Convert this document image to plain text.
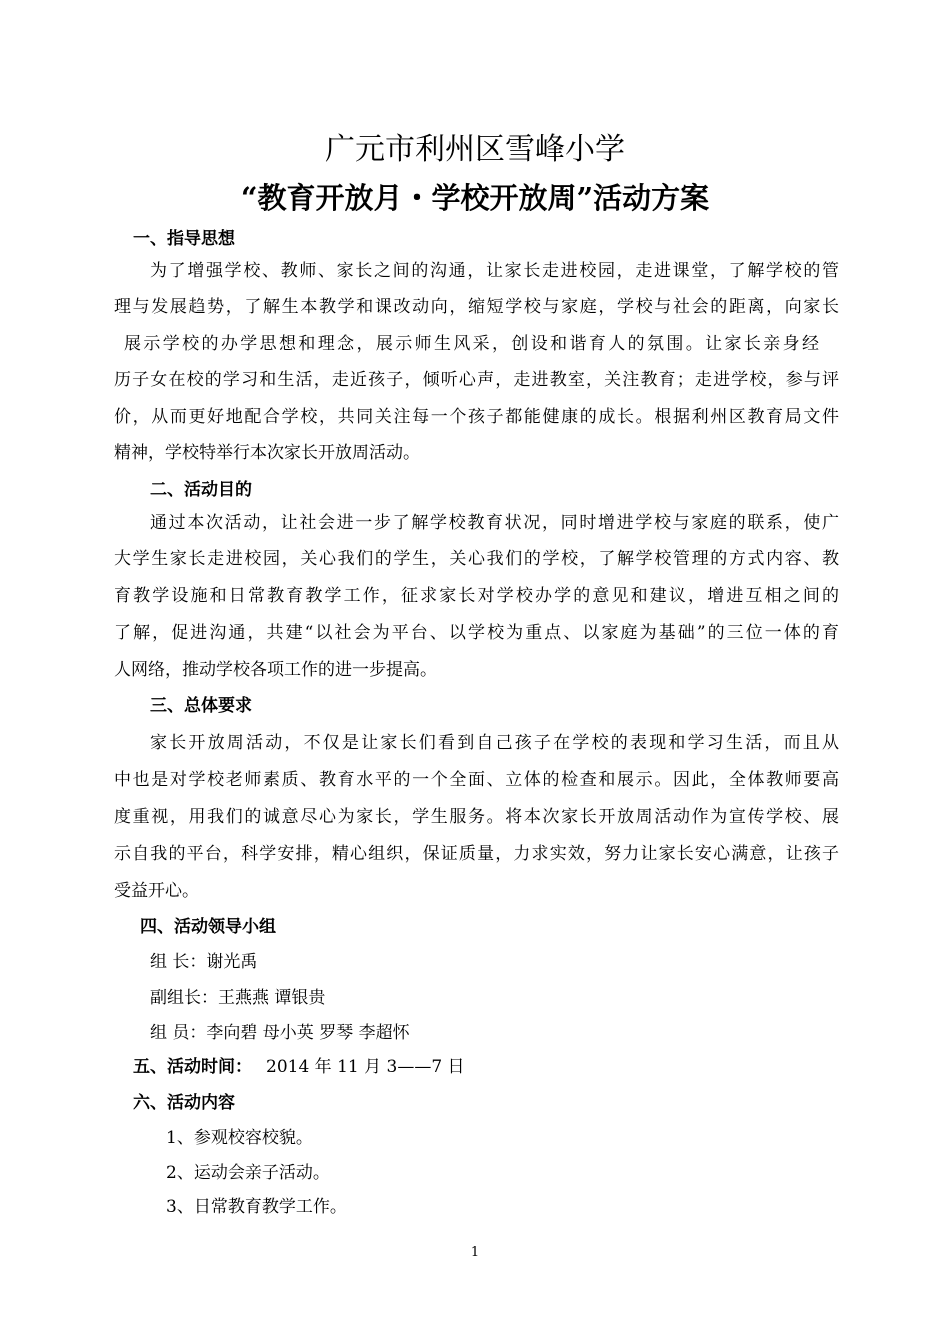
广元市利州区雪峰小学
“教育开放月・学校开放周”活动方案
一、指导思想
为了增强学校、教师、家长之间的沟通，让家长走进校园，走进课堂，了解学校的管
理与发展趋势，了解生本教学和课改动向，缩短学校与家庭，学校与社会的距离，向家长
展示学校的办学思想和理念，展示师生风采，创设和谐育人的氛围。让家长亲身经
历子女在校的学习和生活，走近孩子，倾听心声，走进教室，关注教育；走进学校，参与评
价，从而更好地配合学校，共同关注每一个孩子都能健康的成长。根据利州区教育局文件
精神，学校特举行本次家长开放周活动。
二、活动目的
通过本次活动，让社会进一步了解学校教育状况，同时增进学校与家庭的联系，使广
大学生家长走进校园，关心我们的学生，关心我们的学校，了解学校管理的方式内容、教
育教学设施和日常教育教学工作，征求家长对学校办学的意见和建议，增进互相之间的
了解，促进沟通，共建“以社会为平台、以学校为重点、以家庭为基础”的三位一体的育
人网络，推动学校各项工作的进一步提高。
三、总体要求
家长开放周活动，不仅是让家长们看到自己孩子在学校的表现和学习生活，而且从
中也是对学校老师素质、教育水平的一个全面、立体的检查和展示。因此，全体教师要高
度重视，用我们的诚意尽心为家长，学生服务。将本次家长开放周活动作为宣传学校、展
示自我的平台，科学安排，精心组织，保证质量，力求实效，努力让家长安心满意，让孩子
受益开心。
四、活动领导小组
组 长：谢光禹
副组长：王燕燕 谭银贵
组 员：李向碧 母小英 罗琴 李超怀
五、活动时间： 2014 年 11 月 3——7 日
六、活动内容
1、参观校容校貌。
2、运动会亲子活动。
3、日常教育教学工作。
1
